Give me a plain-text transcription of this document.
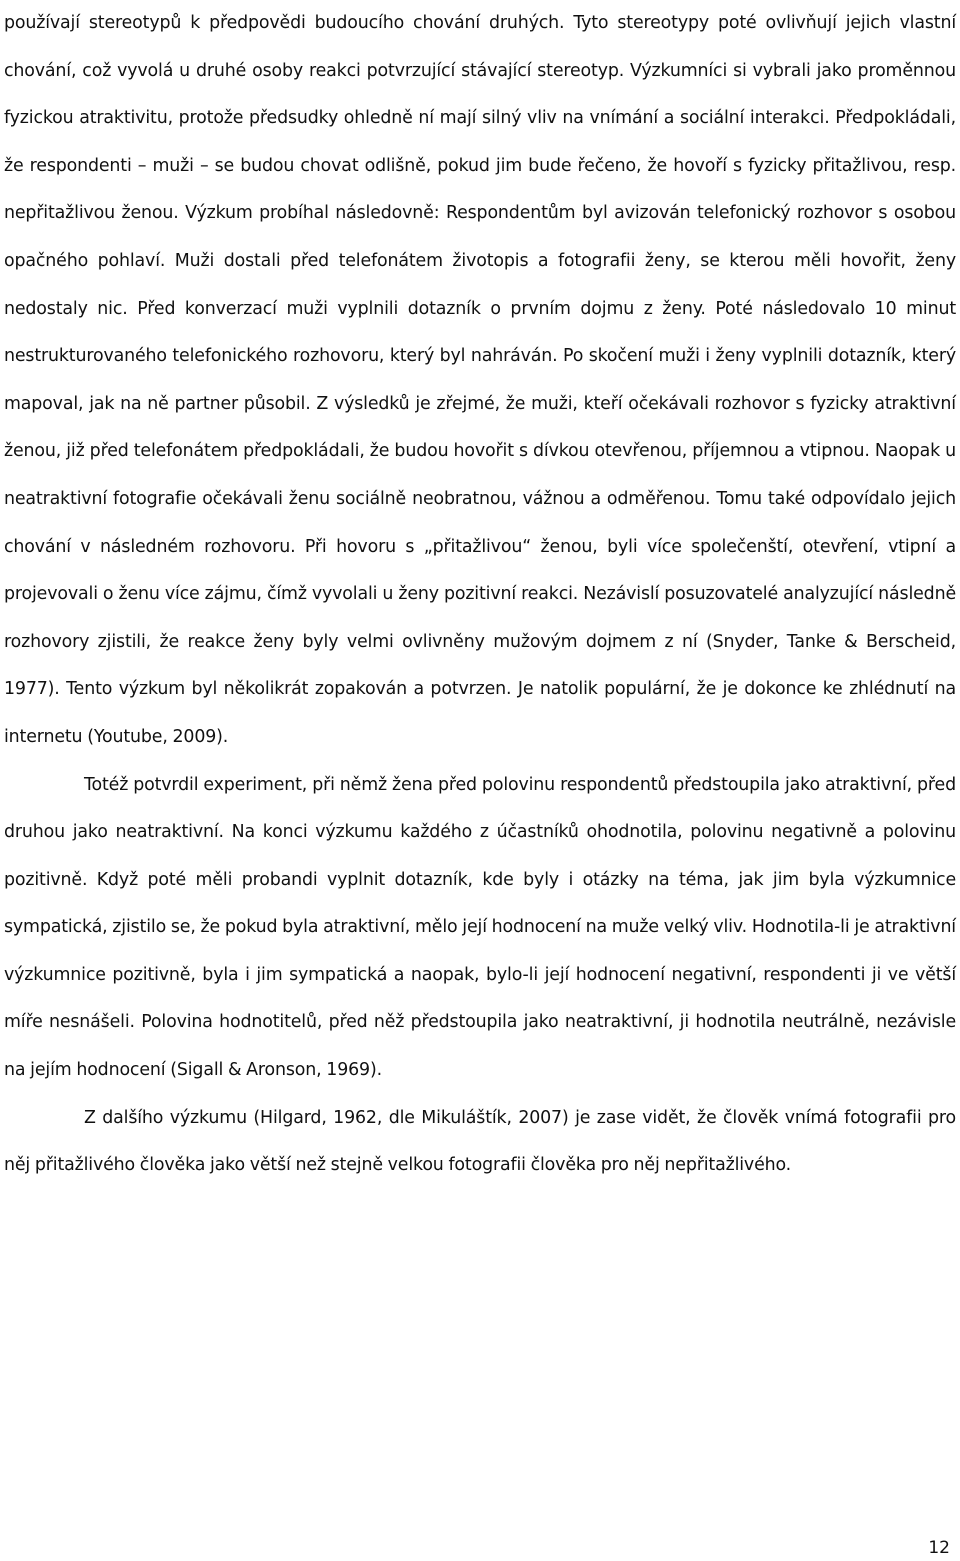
používají stereotypů k předpovědi budoucího chování druhých. Tyto stereotypy poté ovlivňují jejich vlastní chování, což vyvolá u druhé osoby reakci potvrzující stávající stereotyp. Výzkumníci si vybrali jako proměnnou fyzickou atraktivitu, protože předsudky ohledně ní mají silný vliv na vnímání a sociální interakci. Předpokládali, že respondenti – muži – se budou chovat odlišně, pokud jim bude řečeno, že hovoří s fyzicky přitažlivou, resp. nepřitažlivou ženou. Výzkum probíhal následovně: Respondentům byl avizován telefonický rozhovor s osobou opačného pohlaví. Muži dostali před telefonátem životopis a fotografii ženy, se kterou měli hovořit, ženy nedostaly nic. Před konverzací muži vyplnili dotazník o prvním dojmu z ženy. Poté následovalo 10 minut nestrukturovaného telefonického rozhovoru, který byl nahráván. Po skočení muži i ženy vyplnili dotazník, který mapoval, jak na ně partner působil. Z výsledků je zřejmé, že muži, kteří očekávali rozhovor s fyzicky atraktivní ženou, již před telefonátem předpokládali, že budou hovořit s dívkou otevřenou, příjemnou a vtipnou. Naopak u neatraktivní fotografie očekávali ženu sociálně neobratnou, vážnou a odměřenou. Tomu také odpovídalo jejich chování v následném rozhovoru. Při hovoru s „přitažlivou“ ženou, byli více společenští, otevření, vtipní a projevovali o ženu více zájmu, čímž vyvolali u ženy pozitivní reakci. Nezávislí posuzovatelé analyzující následně rozhovory zjistili, že reakce ženy byly velmi ovlivněny mužovým dojmem z ní (Snyder, Tanke & Berscheid, 1977). Tento výzkum byl několikrát zopakován a potvrzen. Je natolik populární, že je dokonce ke zhlédnutí na internetu (Youtube, 2009).

Totéž potvrdil experiment, při němž žena před polovinu respondentů předstoupila jako atraktivní, před druhou jako neatraktivní. Na konci výzkumu každého z účastníků ohodnotila, polovinu negativně a polovinu pozitivně. Když poté měli probandi vyplnit dotazník, kde byly i otázky na téma, jak jim byla výzkumnice sympatická, zjistilo se, že pokud byla atraktivní, mělo její hodnocení na muže velký vliv. Hodnotila-li je atraktivní výzkumnice pozitivně, byla i jim sympatická a naopak, bylo-li její hodnocení negativní, respondenti ji ve větší míře nesnášeli. Polovina hodnotitelů, před něž předstoupila jako neatraktivní, ji hodnotila neutrálně, nezávisle na jejím hodnocení (Sigall & Aronson, 1969).

Z dalšího výzkumu (Hilgard, 1962, dle Mikuláštík, 2007) je zase vidět, že člověk vnímá fotografii pro něj přitažlivého člověka jako větší než stejně velkou fotografii člověka pro něj nepřitažlivého.

12
